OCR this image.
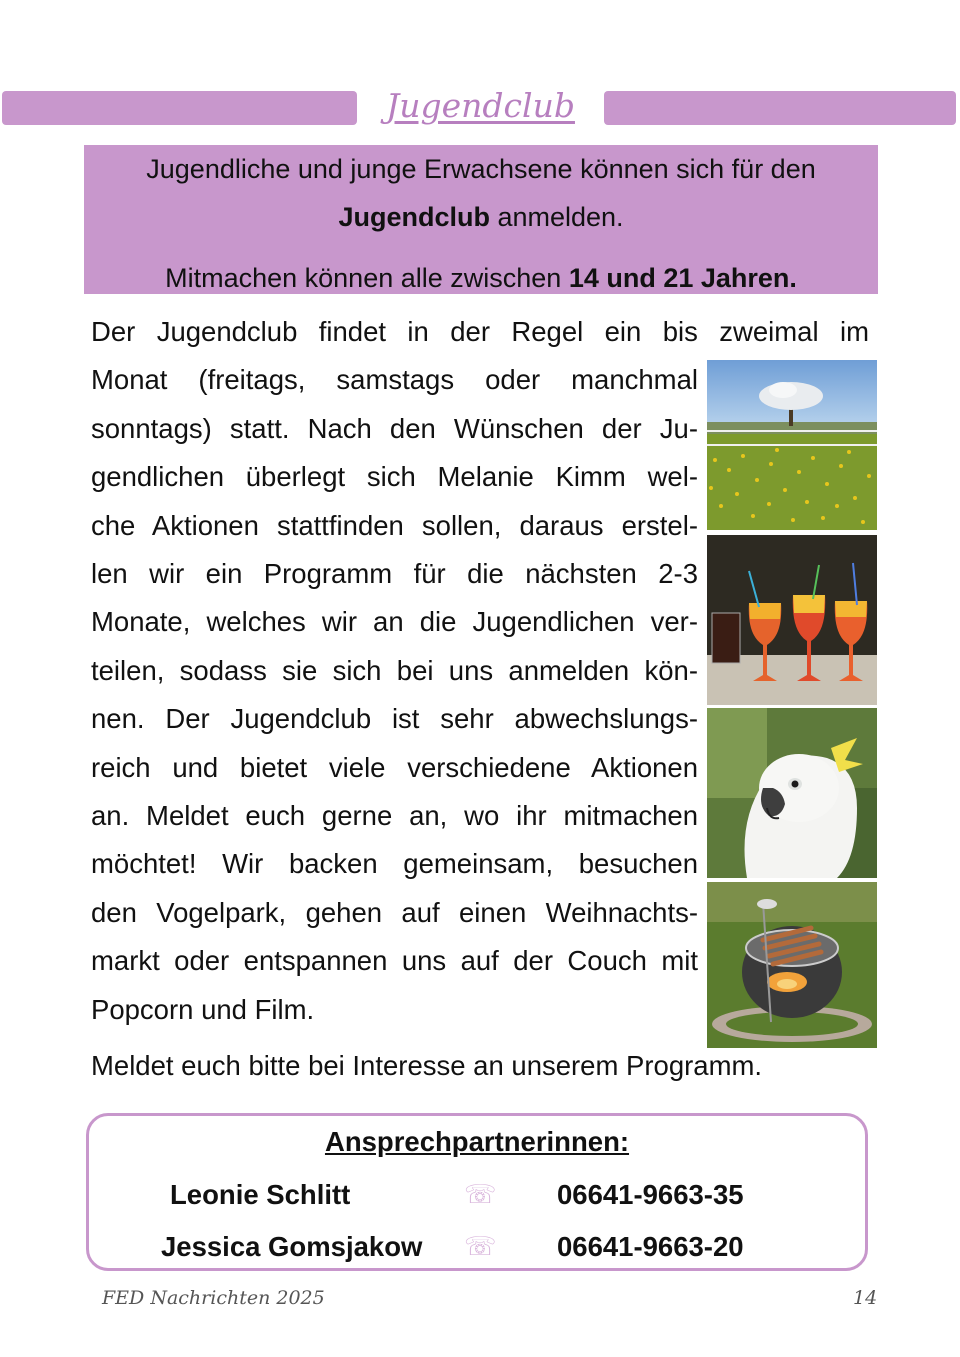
Jugendclub

Jugendliche und junge Erwachsene können sich für den

Jugendclub anmelden.

Mitmachen können alle zwischen 14 und 21 Jahren.

Der Jugendclub findet in der Regel ein bis zweimal im
Monat (freitags, samstags oder manchmal
sonntags) statt. Nach den Wünschen der Ju-
gendlichen überlegt sich Melanie Kimm wel-
che Aktionen stattfinden sollen, daraus erstel-
len wir ein Programm für die nächsten 2-3
Monate, welches wir an die Jugendlichen ver-
teilen, sodass sie sich bei uns anmelden kön-
nen. Der Jugendclub ist sehr abwechslungs-
reich und bietet viele verschiedene Aktionen
an. Meldet euch gerne an, wo ihr mitmachen
möchtet! Wir backen gemeinsam, besuchen
den Vogelpark, gehen auf einen Weihnachts-
markt oder entspannen uns auf der Couch mit
Popcorn und Film.
Meldet euch bitte bei Interesse an unserem Programm.
Ansprechpartnerinnen:
Leonie Schlitt	☏ 06641-9663-35
Jessica Gomsjakow ☏ 06641-9663-20
FED Nachrichten 2025	14
